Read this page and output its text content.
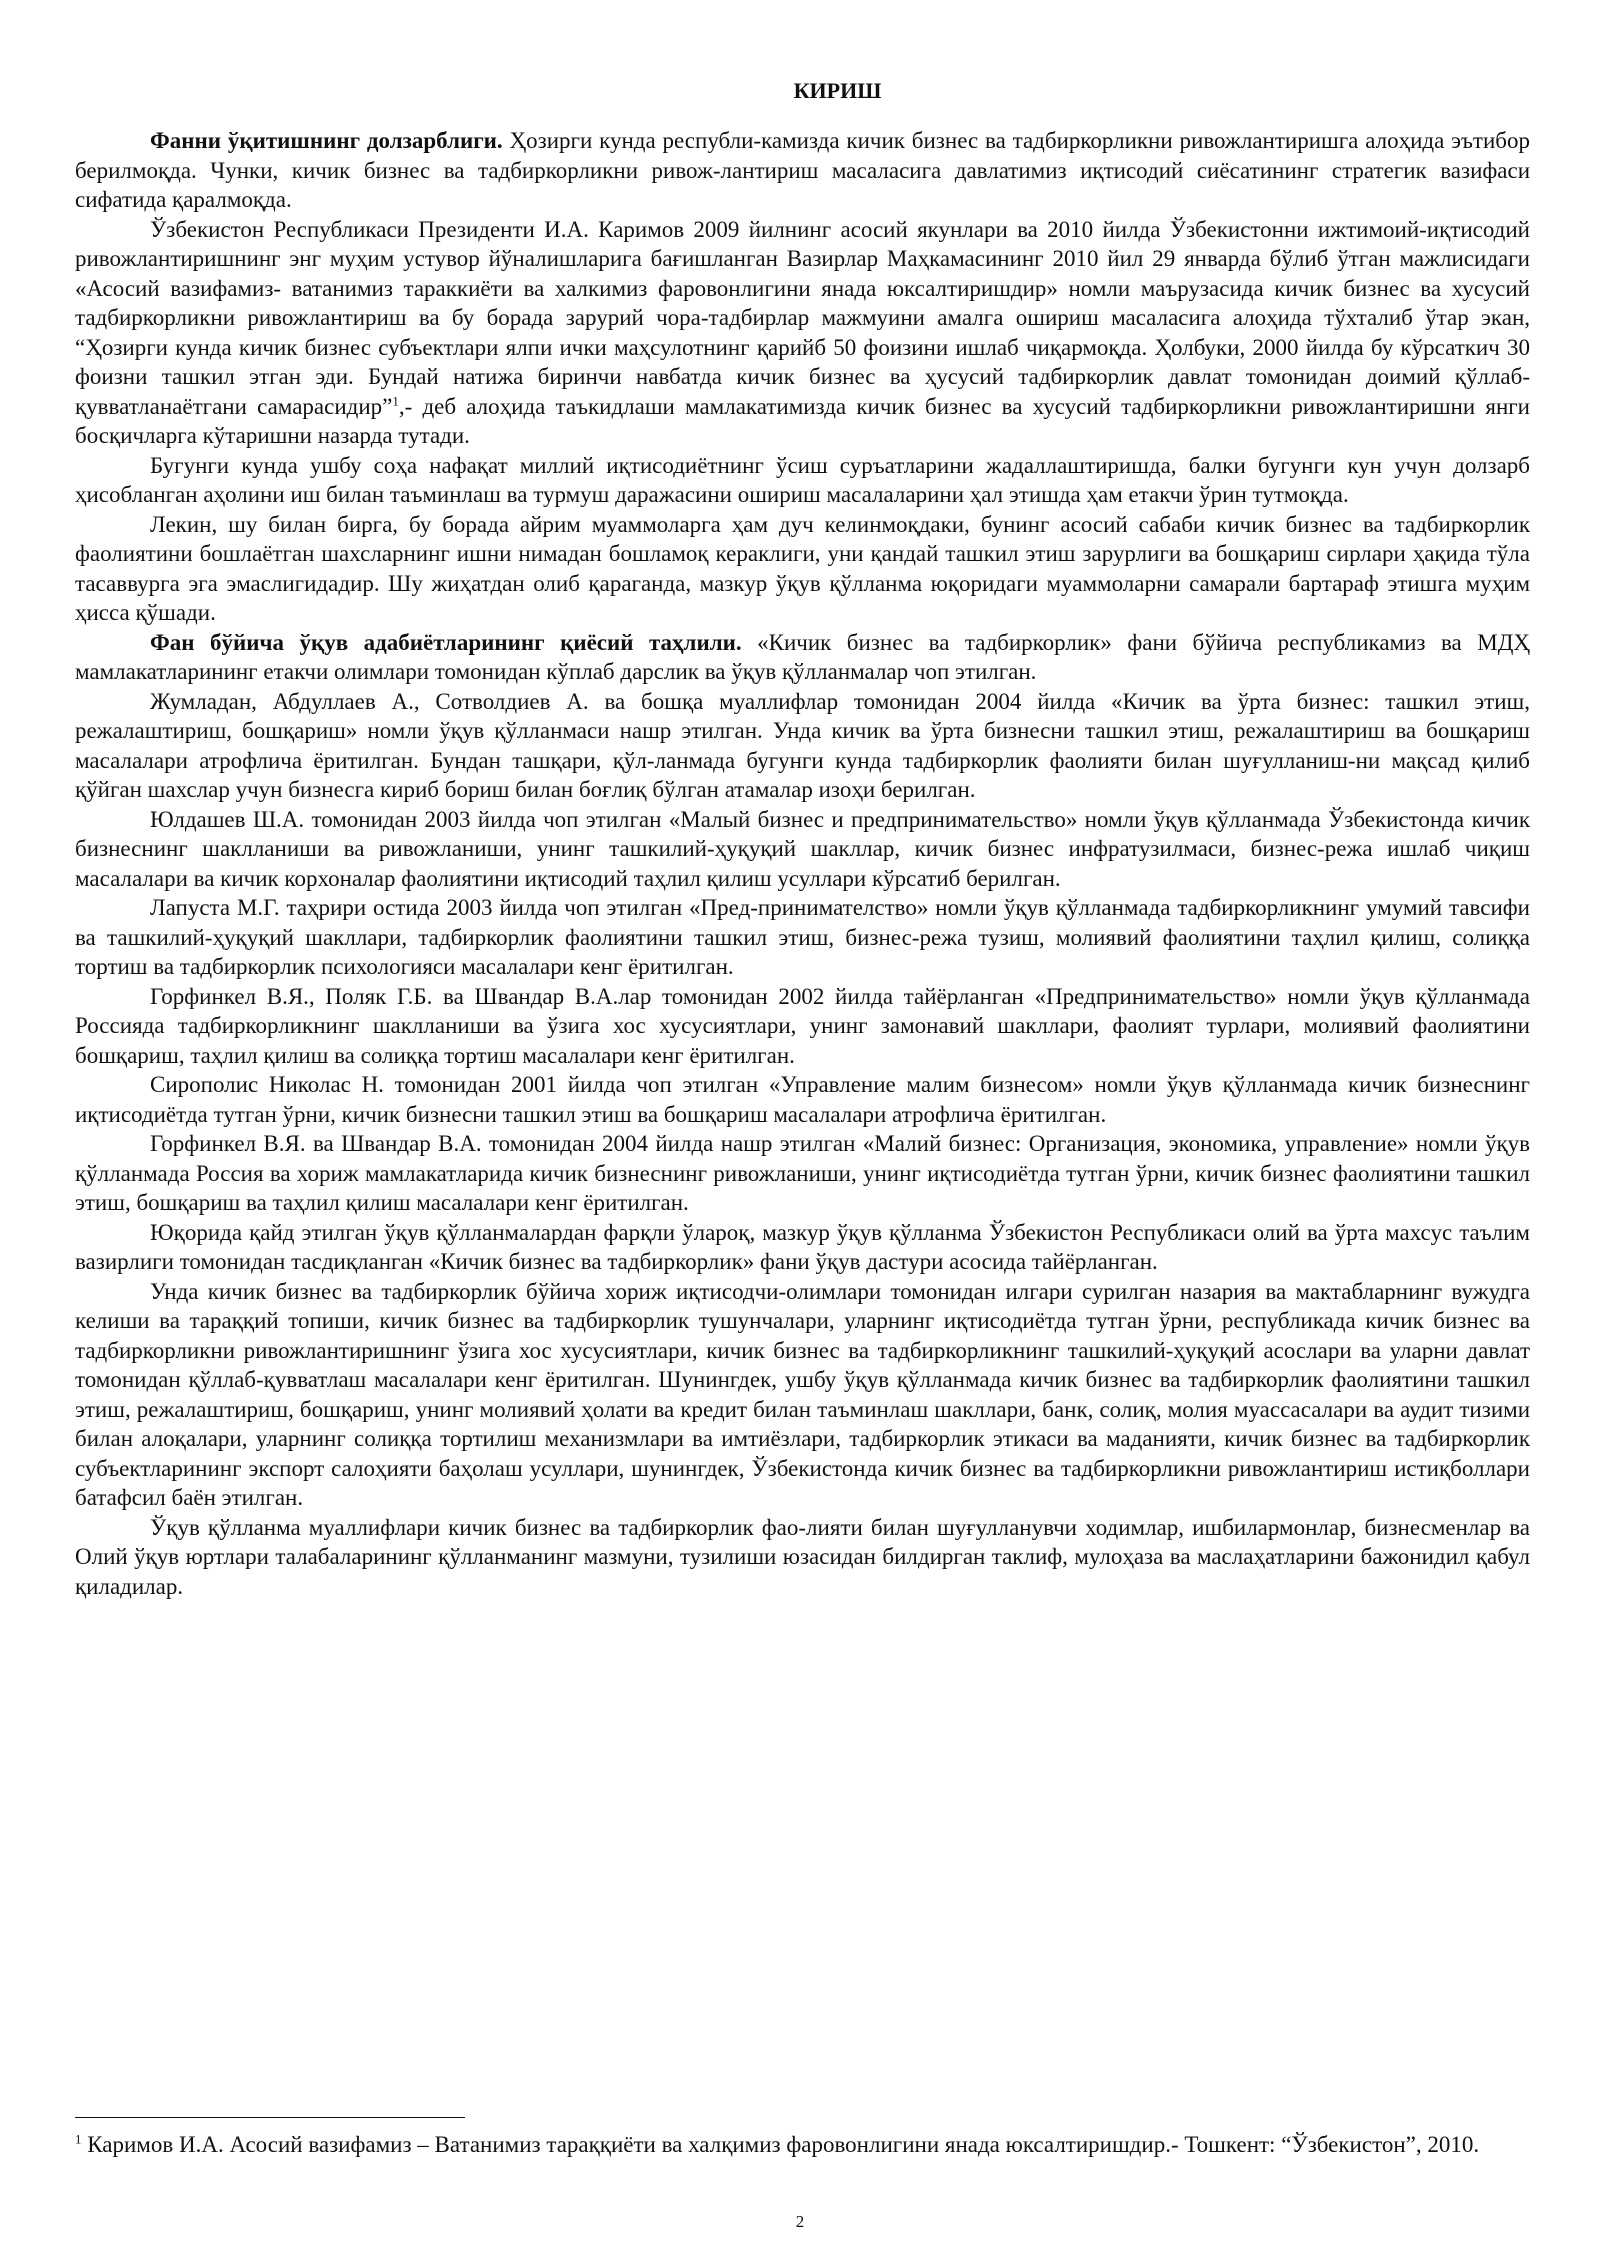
КИРИШ

Фанни ўқитишнинг долзарблиги. Ҳозирги кунда республи-камизда кичик бизнес ва тадбиркорликни ривожлантиришга алоҳида эътибор берилмоқда. Чунки, кичик бизнес ва тадбиркорликни ривож-лантириш масаласига давлатимиз иқтисодий сиёсатининг стратегик вазифаси сифатида қаралмоқда.

Ўзбекистон Республикаси Президенти И.А. Каримов 2009 йилнинг асосий якунлари ва 2010 йилда Ўзбекистонни ижтимоий-иқтисодий ривожлантиришнинг энг муҳим устувор йўналишларига бағишланган Вазирлар Маҳкамасининг 2010 йил 29 январда бўлиб ўтган мажлисидаги «Асосий вазифамиз- ватанимиз тараккиёти ва халкимиз фаровонлигини янада юксалтиришдир» номли маърузасида кичик бизнес ва хусусий тадбиркорликни ривожлантириш ва бу борада зарурий чора-тадбирлар мажмуини амалга ошириш масаласига алоҳида тўхталиб ўтар экан, “Ҳозирги кунда кичик бизнес субъектлари ялпи ички маҳсулотнинг қарийб 50 фоизини ишлаб чиқармоқда. Ҳолбуки, 2000 йилда бу кўрсаткич 30 фоизни ташкил этган эди. Бундай натижа биринчи навбатда кичик бизнес ва ҳусусий тадбиркорлик давлат томонидан доимий қўллаб-қувватланаётгани самарасидир”$^1$,- деб алоҳида таъкидлаши мамлакатимизда кичик бизнес ва хусусий тадбиркорликни ривожлантиришни янги босқичларга кўтаришни назарда тутади.

Бугунги кунда ушбу соҳа нафақат миллий иқтисодиётнинг ўсиш суръатларини жадаллаштиришда, балки бугунги кун учун долзарб ҳисобланган аҳолини иш билан таъминлаш ва турмуш даражасини ошириш масалаларини ҳал этишда ҳам етакчи ўрин тутмоқда.

Лекин, шу билан бирга, бу борада айрим муаммоларга ҳам дуч келинмоқдаки, бунинг асосий сабаби кичик бизнес ва тадбиркорлик фаолиятини бошлаётган шахсларнинг ишни нимадан бошламоқ кераклиги, уни қандай ташкил этиш зарурлиги ва бошқариш сирлари ҳақида тўла тасаввурга эга эмаслигидадир. Шу жиҳатдан олиб қараганда, мазкур ўқув қўлланма юқоридаги муаммоларни самарали бартараф этишга муҳим ҳисса қўшади.

Фан бўйича ўқув адабиётларининг қиёсий таҳлили. «Кичик бизнес ва тадбиркорлик» фани бўйича республикамиз ва МДҲ мамлакатларининг етакчи олимлари томонидан кўплаб дарслик ва ўқув қўлланмалар чоп этилган.

Жумладан, Абдуллаев А., Сотволдиев А. ва бошқа муаллифлар томонидан 2004 йилда «Кичик ва ўрта бизнес: ташкил этиш, режалаштириш, бошқариш» номли ўқув қўлланмаси нашр этилган. Унда кичик ва ўрта бизнесни ташкил этиш, режалаштириш ва бошқариш масалалари атрофлича ёритилган. Бундан ташқари, қўл-ланмада бугунги кунда тадбиркорлик фаолияти билан шуғулланиш-ни мақсад қилиб қўйган шахслар учун бизнесга кириб бориш билан боғлиқ бўлган атамалар изоҳи берилган.

Юлдашев Ш.А. томонидан 2003 йилда чоп этилган «Малый бизнес и предпринимательство» номли ўқув қўлланмада Ўзбекистонда кичик бизнеснинг шаклланиши ва ривожланиши, унинг ташкилий-ҳуқуқий шакллар, кичик бизнес инфратузилмаси, бизнес-режа ишлаб чиқиш масалалари ва кичик корхоналар фаолиятини иқтисодий таҳлил қилиш усуллари кўрсатиб берилган.

Лапуста М.Г. таҳрири остида 2003 йилда чоп этилган «Пред-принимателство» номли ўқув қўлланмада тадбиркорликнинг умумий тавсифи ва ташкилий-ҳуқуқий шакллари, тадбиркорлик фаолиятини ташкил этиш, бизнес-режа тузиш, молиявий фаолиятини таҳлил қилиш, солиққа тортиш ва тадбиркорлик психологияси масалалари кенг ёритилган.

Горфинкел В.Я., Поляк Г.Б. ва Швандар В.А.лар томонидан 2002 йилда тайёрланган «Предпринимательство» номли ўқув қўлланмада Россияда тадбиркорликнинг шаклланиши ва ўзига хос хусусиятлари, унинг замонавий шакллари, фаолият турлари, молиявий фаолиятини бошқариш, таҳлил қилиш ва солиққа тортиш масалалари кенг ёритилган.

Сирополис Николас Н. томонидан 2001 йилда чоп этилган «Управление малим бизнесом» номли ўқув қўлланмада кичик бизнеснинг иқтисодиётда тутган ўрни, кичик бизнесни ташкил этиш ва бошқариш масалалари атрофлича ёритилган.

Горфинкел В.Я. ва Швандар В.А. томонидан 2004 йилда нашр этилган «Малий бизнес: Организация, экономика, управление» номли ўқув қўлланмада Россия ва хориж мамлакатларида кичик бизнеснинг ривожланиши, унинг иқтисодиётда тутган ўрни, кичик бизнес фаолиятини ташкил этиш, бошқариш ва таҳлил қилиш масалалари кенг ёритилган.

Юқорида қайд этилган ўқув қўлланмалардан фарқли ўлароқ, мазкур ўқув қўлланма Ўзбекистон Республикаси олий ва ўрта махсус таълим вазирлиги томонидан тасдиқланган «Кичик бизнес ва тадбиркорлик» фани ўқув дастури асосида тайёрланган.

Унда кичик бизнес ва тадбиркорлик бўйича хориж иқтисодчи-олимлари томонидан илгари сурилган назария ва мактабларнинг вужудга келиши ва тараққий топиши, кичик бизнес ва тадбиркорлик тушунчалари, уларнинг иқтисодиётда тутган ўрни, республикада кичик бизнес ва тадбиркорликни ривожлантиришнинг ўзига хос хусусиятлари, кичик бизнес ва тадбиркорликнинг ташкилий-ҳуқуқий асослари ва уларни давлат томонидан қўллаб-қувватлаш масалалари кенг ёритилган. Шунингдек, ушбу ўқув қўлланмада кичик бизнес ва тадбиркорлик фаолиятини ташкил этиш, режалаштириш, бошқариш, унинг молиявий ҳолати ва кредит билан таъминлаш шакллари, банк, солиқ, молия муассасалари ва аудит тизими билан алоқалари, уларнинг солиққа тортилиш механизмлари ва имтиёзлари, тадбиркорлик этикаси ва маданияти, кичик бизнес ва тадбиркорлик субъектларининг экспорт салоҳияти баҳолаш усуллари, шунингдек, Ўзбекистонда кичик бизнес ва тадбиркорликни ривожлантириш истиқболлари батафсил баён этилган.

Ўқув қўлланма муаллифлари кичик бизнес ва тадбиркорлик фао-лияти билан шуғулланувчи ходимлар, ишбилармонлар, бизнесменлар ва Олий ўқув юртлари талабаларининг қўлланманинг мазмуни, тузилиши юзасидан билдирган таклиф, мулоҳаза ва маслаҳатларини бажонидил қабул қиладилар.

$^1$ Каримов И.А. Асосий вазифамиз – Ватанимиз тараққиёти ва халқимиз фаровонлигини янада юксалтиришдир.- Тошкент: “Ўзбекистон”, 2010.
2
